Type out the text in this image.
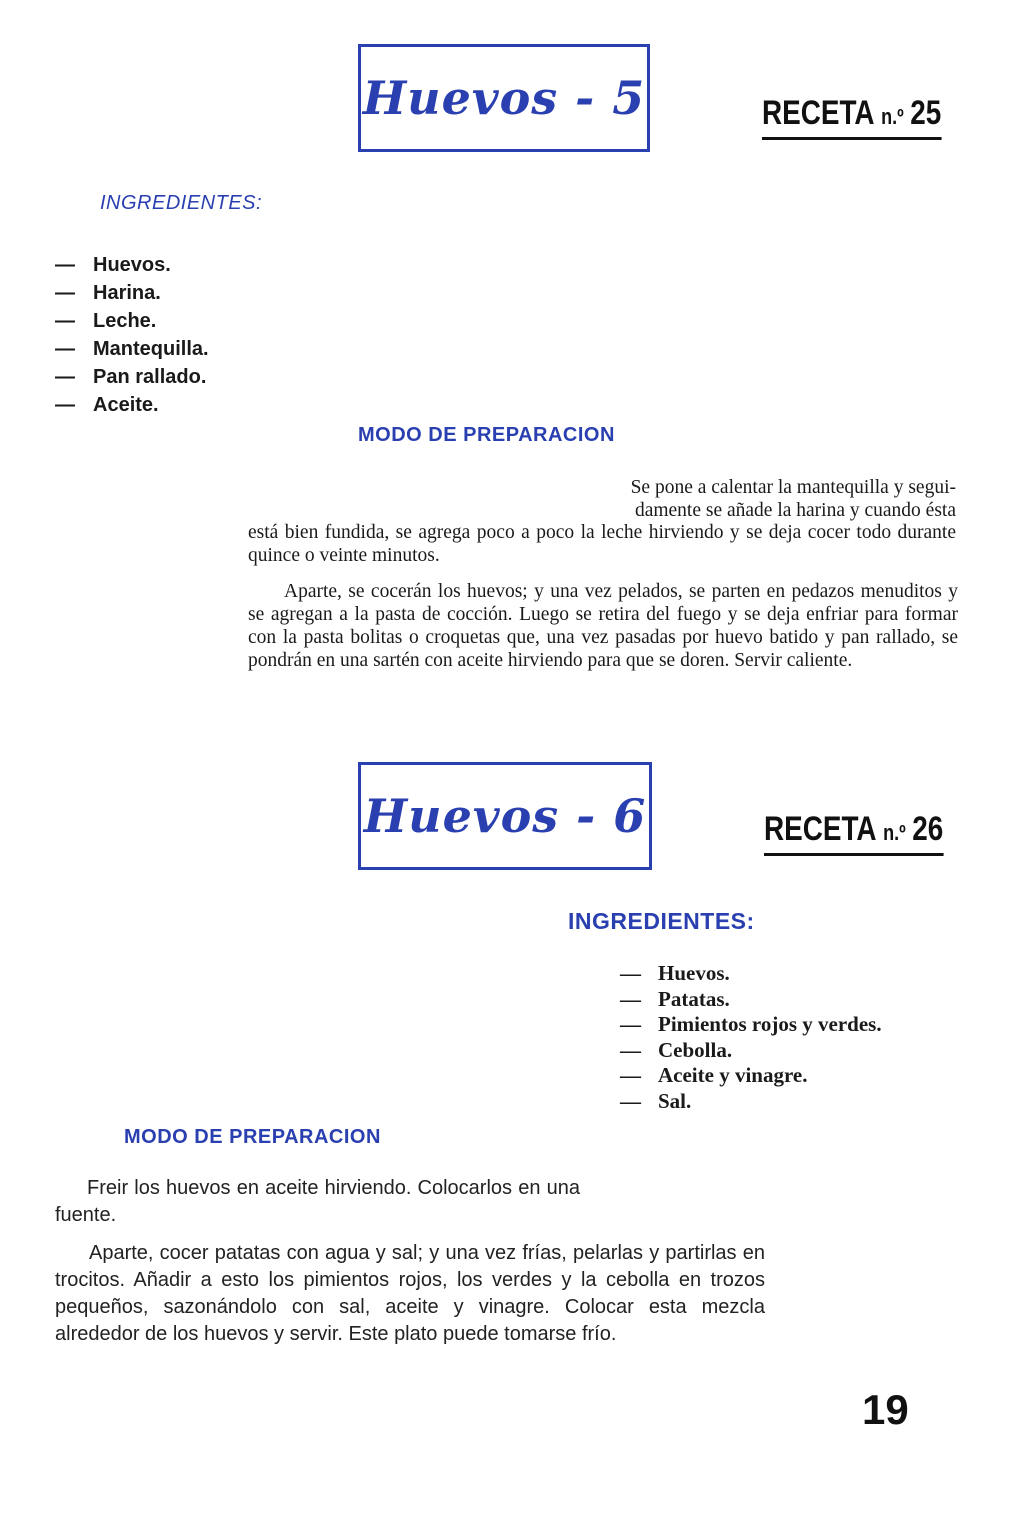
Huevos - 5	RECETA n.º 25
INGREDIENTES:
— Huevos.
— Harina.
— Leche.
— Mantequilla.
— Pan rallado.
— Aceite.
MODO DE PREPARACION

Se pone a calentar la mantequilla y segui-

damente se añade la harina y cuando ésta

está bien fundida, se agrega poco a poco la leche hirviendo y se deja cocer todo durante quince o veinte minutos.

Aparte, se cocerán los huevos; y una vez pelados, se parten en pedazos menuditos y se agregan a la pasta de cocción. Luego se retira del fuego y se deja enfriar para formar con la pasta bolitas o croquetas que, una vez pasadas por huevo batido y pan rallado, se pondrán en una sartén con aceite hirviendo para que se doren. Servir caliente.

Huevos - 6	RECETA n.º 26
INGREDIENTES:
— Huevos.
— Patatas.
— Pimientos rojos y verdes.
— Cebolla.
— Aceite y vinagre.
— Sal.
MODO DE PREPARACION

Freir los huevos en aceite hirviendo. Colocarlos en una fuente.

Aparte, cocer patatas con agua y sal; y una vez frías, pelarlas y partirlas en trocitos. Añadir a esto los pimientos rojos, los verdes y la cebolla en trozos pequeños, sazonándolo con sal, aceite y vinagre. Colocar esta mezcla alrededor de los huevos y servir. Este plato puede tomarse frío.

19
